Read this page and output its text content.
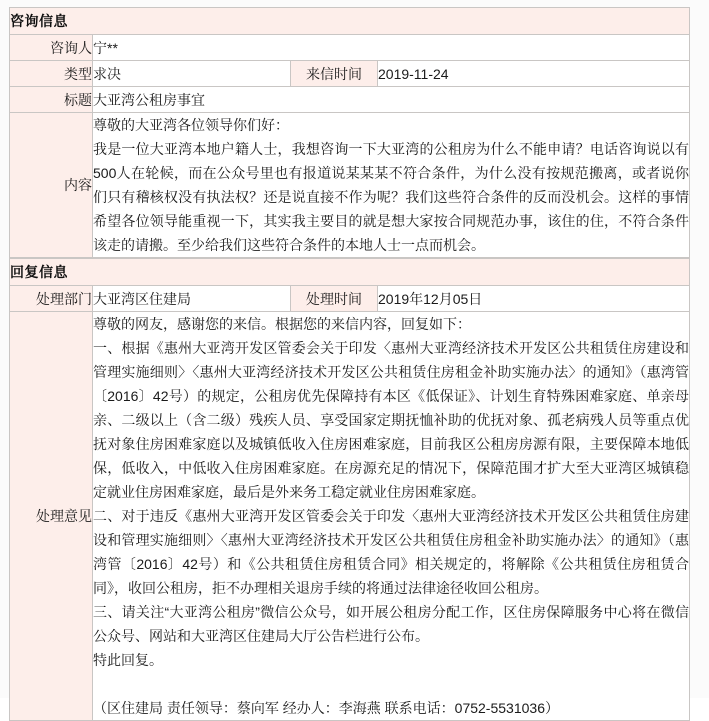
咨询信息			
咨询人	宁**		
类型	求决	来信时间	2019-11-24
标题	大亚湾公租房事宜		
内容	尊敬的大亚湾各位领导你们好：

我是一位大亚湾本地户籍人士，我想咨询一下大亚湾的公租房为什么不能申请？电话咨询说以有500人在轮候，而在公众号里也有报道说某某某不符合条件，为什么没有按规范搬离，或者说你们只有稽核权没有执法权？还是说直接不作为呢？我们这些符合条件的反而没机会。这样的事情希望各位领导能重视一下，其实我主要目的就是想大家按合同规范办事，该住的住，不符合条件该走的请搬。至少给我们这些符合条件的本地人士一点而机会。		

回复信息			
处理部门	大亚湾区住建局	处理时间	2019年12月05日
处理意见	

尊敬的网友，感谢您的来信。根据您的来信内容，回复如下：

一、根据《惠州大亚湾开发区管委会关于印发〈惠州大亚湾经济技术开发区公共租赁住房建设和管理实施细则〉〈惠州大亚湾经济技术开发区公共租赁住房租金补助实施办法〉的通知》（惠湾管〔2016〕42号）的规定，公租房优先保障持有本区《低保证》、计划生育特殊困难家庭、单亲母亲、二级以上（含二级）残疾人员、享受国家定期抚恤补助的优抚对象、孤老病残人员等重点优抚对象住房困难家庭以及城镇低收入住房困难家庭，目前我区公租房房源有限，主要保障本地低保，低收入，中低收入住房困难家庭。在房源充足的情况下，保障范围才扩大至大亚湾区城镇稳定就业住房困难家庭，最后是外来务工稳定就业住房困难家庭。

二、对于违反《惠州大亚湾开发区管委会关于印发〈惠州大亚湾经济技术开发区公共租赁住房建设和管理实施细则〉〈惠州大亚湾经济技术开发区公共租赁住房租金补助实施办法〉的通知》（惠湾管〔2016〕42号）和《公共租赁住房租赁合同》相关规定的，将解除《公共租赁住房租赁合同》，收回公租房，拒不办理相关退房手续的将通过法律途径收回公租房。

三、请关注“大亚湾公租房”微信公众号，如开展公租房分配工作，区住房保障服务中心将在微信公众号、网站和大亚湾区住建局大厅公告栏进行公布。

特此回复。

（区住建局 责任领导：蔡向军 经办人：李海燕 联系电话：0752-5531036）
